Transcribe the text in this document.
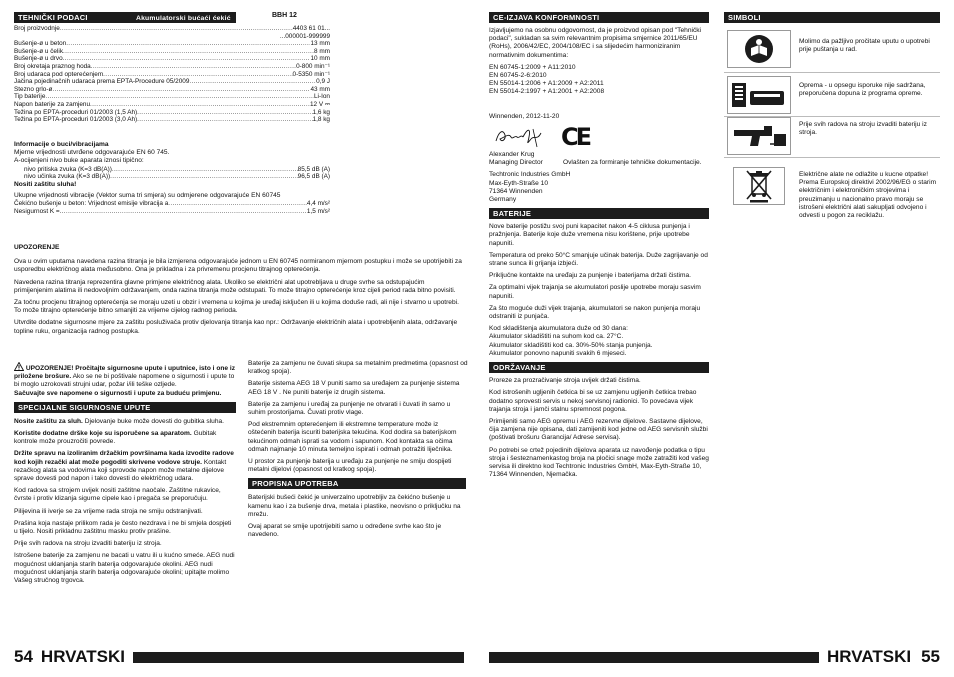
TEHNIČKI PODACI	Akumulatorski bućaći ćekić	BBH 12
Broj proizvodnje .....	4403 61 01...
...000001-999999
Bušenje-ø u beton .....	13 mm
Bušenje-ø u čelik .....	8 mm
Bušenje-ø u drvo .....	10 mm
Broj okretaja praznog hoda .....	0-800 min⁻¹
Broj udaraca pod opterećenjem .....	0-5350 min⁻¹
Jačina pojedinačnih udaraca prema EPTA-Procedure 05/2009 .....	0,9 J
Stezno grlo-ø .....	43 mm
Tip baterije .....	Li-Ion
Napon baterije za zamjenu .....	12 V ⎓
Težina po EPTA-proceduri 01/2003 (1,5 Ah) .....	1,6 kg
Težina po EPTA-proceduri 01/2003 (3,0 Ah) .....	1,8 kg
Informacije o buci/vibracijama
Mjerne vrijednosti utvrđene odgovarajuće EN 60 745.
A-ocijenjeni nivo buke aparata iznosi tipično:
nivo pritiska zvuka (K=3 dB(A)) .....	85,5 dB (A)
nivo učinka zvuka (K=3 dB(A)) .....	96,5 dB (A)
Nositi zaštitu sluha!
Ukupne vrijednosti vibracije (Vektor suma tri smjera) su odmjerene odgovarajuće EN 60745
Čekićno bušenje u beton: Vrijednost emisije vibracija a .....	4,4 m/s²
Nesigurnost K = .....	1,5 m/s²
UPOZORENJE
Ova u ovim uputama navedena razina titranja je bila izmjerena odgovarajuće jednom u EN 60745 normiranom mjernom postupku i može se upotrijebiti za usporedbu električnog alata međusobno. Ona je prikladna i za privremenu procjenu titrajnog opterećenja.
Navedena razina titranja reprezentira glavne primjene električnog alata. Ukoliko se električni alat upotrebljava u druge svrhe sa odstupajućim primijenjenim alatima ili nedovoljnim održavanjem, onda razina titranja može odstupati. To može titrajno opterećenje kroz cijeli period rada bitno povisiti.
Za točnu procjenu titrajnog opterećenja se moraju uzeti u obzir i vremena u kojima je uređaj isključen ili u kojima doduše radi, ali nije i stvarno u upotrebi. To može titrajno opterećenje bitno smanjiti za vrijeme cijelog radnog perioda.
Utvrdite dodatne sigurnosne mjere za zaštitu posluživača protiv djelovanja titranja kao npr.: Održavanje električnih alata i upotrebljenih alata, održavanje topline ruku, organizacija radnog postupka.
UPOZORENJE! Pročitajte sigurnosne upute i uputnice, isto i one iz priložene brošure. Ako se ne bi poštivale napomene o sigurnosti i upute to bi moglo uzrokovati strujni udar, požar i/ili teške ozljede.
Sačuvajte sve napomene o sigurnosti i upute za buduću primjenu.
SPECIJALNE SIGURNOSNE UPUTE
Nosite zaštitu za sluh. Djelovanje buke može dovesti do gubitka sluha.
Koristite dodatne drške koje su isporučene sa aparatom. Gubitak kontrole može prouzročiti povrede.
Držite spravu na izoliranim držačkim površinama kada izvodite radove kod kojih rezački alat može pogoditi skrivene vodove struje. Kontakt rezačkog alata sa vodovima koji sprovode napon može metalne dijelove sprave dovesti pod napon i tako dovesti do električnog udara.
Kod radova sa strojem uvijek nositi zaštitne naočale. Zaštitne rukavice, čvrste i protiv klizanja sigurne cipele kao i pregača se preporučuju.
Pilijevina ili iverje se za vrijeme rada stroja ne smiju odstranjivati.
Prašina koja nastaje prilikom rada je često nezdrava i ne bi smjela dospjeti u tijelo. Nositi prikladnu zaštitnu masku protiv prašine.
Prije svih radova na stroju izvaditi bateriju iz stroja.
Istrošene baterije za zamjenu ne bacati u vatru ili u kućno smeće. AEG nudi mogućnost uklanjanja starih baterija odgovarajuće okolini. AEG nudi mogućnost uklanjanja starih baterija odgovarajuće okolini; upitajte molimo Vašeg stručnog trgovca.
Baterije za zamjenu ne čuvati skupa sa metalnim predmetima (opasnost od kratkog spoja).
Baterije sistema AEG 18 V puniti samo sa uređajem za punjenje sistema AEG 18 V . Ne puniti baterije iz drugih sistema.
Baterije za zamjenu i uređaj za punjenje ne otvarati i čuvati ih samo u suhim prostorijama. Čuvati protiv vlage.
Pod ekstremnim opterećenjem ili ekstremne temperature može iz oštećenih baterija iscuriti baterijska tekućina. Kod dodira sa baterijskom tekućinom odmah isprati sa vodom i sapunom. Kod kontakta sa očima odmah najmanje 10 minuta temeljno ispirati i odmah potražiti liječnika.
U prostor za punjenje baterija u uređaju za punjenje ne smiju dospijeti metalni dijelovi (opasnost od kratkog spoja).
PROPISNA UPOTREBA
Baterijski bušeći čekić je univerzalno upotrebljiv za čekićno bušenje u kamenu kao i za bušenje drva, metala i plastike, neovisno o priključku na mrežu.
Ovaj aparat se smije upotrijebiti samo u određene svrhe kao što je navedeno.
54 HRVATSKI
CE-IZJAVA KONFORMNOSTI
Izjavljujemo na osobnu odgovornost, da je proizvod opisan pod "Tehnički podaci", sukladan sa svim relevantnim propisima smjernice 2011/65/EU (RoHs), 2006/42/EC, 2004/108/EC i sa slijedećim harmoniziranim normativnim dokumentima:
EN 60745-1:2009 + A11:2010
EN 60745-2-6:2010
EN 55014-1:2006 + A1:2009 + A2:2011
EN 55014-2:1997 + A1:2001 + A2:2008
Winnenden, 2012-11-20
CE
Alexander Krug
Managing Director	Ovlašten za formiranje tehničke dokumentacije.
Techtronic Industries GmbH
Max-Eyth-Straße 10
71364 Winnenden
Germany
BATERIJE
Nove baterije postižu svoj puni kapacitet nakon 4-5 ciklusa punjenja i pražnjenja. Baterije koje duže vremena nisu korištene, prije upotrebe napuniti.
Temperatura od preko 50°C smanjuje učinak baterija. Duže zagrijavanje od strane sunca ili grijanja izbjeći.
Priključne kontakte na uređaju za punjenje i baterijama držati čistima.
Za optimalni vijek trajanja se akumulatori poslije upotrebe moraju sasvim napuniti.
Za što moguće duži vijek trajanja, akumulatori se nakon punjenja moraju odstraniti iz punjača.
Kod skladištenja akumulatora duže od 30 dana:
Akumulator skladištiti na suhom kod ca. 27°C.
Akumulator skladištiti kod ca. 30%-50% stanja punjenja.
Akumulator ponovno napuniti svakih 6 mjeseci.
ODRŽAVANJE
Proreze za prozračivanje stroja uvijek držati čistima.
Kod istrošenih ugljenih četkica bi se uz zamjenu ugljenih četkica trebao dodatno sprovesti servis u nekoj servisnoj radionici. To povećava vijek trajanja stroja i jamči stalnu spremnost pogona.
Primijeniti samo AEG opremu i AEG rezervne dijelove. Sastavne dijelove, čija zamjena nije opisana, dati zamijeniti kod jedne od AEG servisnih službi (poštivati brošuru Garancija/ Adrese servisa).
Po potrebi se crtež pojedinih dijelova aparata uz navođenje podatka o tipu stroja i šesteznamenkastog broja na pločici snage može zatražiti kod vašeg servisa ili direktno kod Techtronic Industries GmbH, Max-Eyth-Straße 10, 71364 Winnenden, Njemačka.
SIMBOLI
Molimo da pažljivo pročitate uputu o upotrebi prije puštanja u rad.
Oprema - u opsegu isporuke nije sadržana, preporučena dopuna iz programa opreme.
Prije svih radova na stroju izvaditi bateriju iz stroja.
Električne alate ne odlažite u kucne otpatke! Prema Europskoj direktivi 2002/96/EG o starim električnim i elektroničkim strojevima i preuzimanju u nacionalno pravo moraju se istrošeni električni alati sakupljati odvojeno i odvesti u pogon za reciklažu.
HRVATSKI 55
